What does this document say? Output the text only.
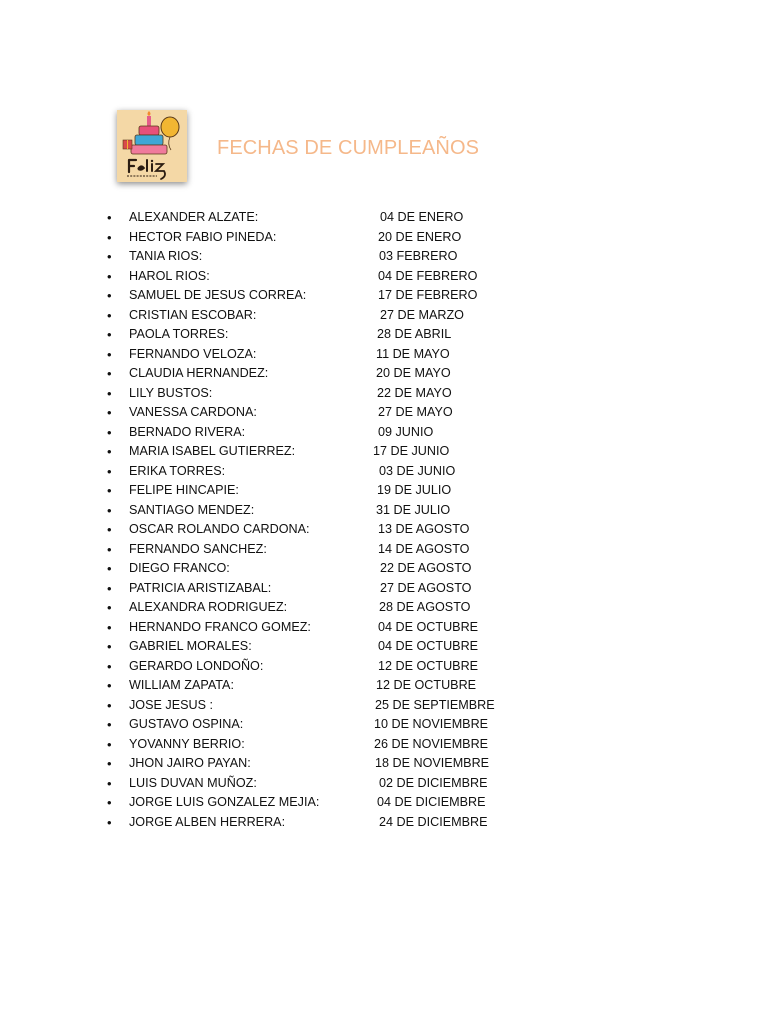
FECHAS DE CUMPLEAÑOS
• ALEXANDER ALZATE:	04 DE ENERO
• HECTOR FABIO PINEDA:	20 DE ENERO
• TANIA RIOS:	03 FEBRERO
• HAROL RIOS:	04 DE FEBRERO
• SAMUEL DE JESUS CORREA:	17 DE FEBRERO
• CRISTIAN ESCOBAR:	27 DE MARZO
• PAOLA TORRES:	28 DE ABRIL
• FERNANDO VELOZA:	11 DE MAYO
• CLAUDIA HERNANDEZ:	20 DE MAYO
• LILY BUSTOS:	22 DE MAYO
• VANESSA CARDONA:	27 DE MAYO
• BERNADO RIVERA:	09 JUNIO
• MARIA ISABEL GUTIERREZ:	17 DE JUNIO
• ERIKA TORRES:	03 DE JUNIO
• FELIPE HINCAPIE:	19 DE JULIO
• SANTIAGO MENDEZ:	31 DE JULIO
• OSCAR ROLANDO CARDONA:	13 DE AGOSTO
• FERNANDO SANCHEZ:	14 DE AGOSTO
• DIEGO FRANCO:	22 DE AGOSTO
• PATRICIA ARISTIZABAL:	27 DE AGOSTO
• ALEXANDRA RODRIGUEZ:	28 DE AGOSTO
• HERNANDO FRANCO GOMEZ:	04 DE OCTUBRE
• GABRIEL MORALES:	04 DE OCTUBRE
• GERARDO LONDOÑO:	12 DE OCTUBRE
• WILLIAM ZAPATA:	12 DE OCTUBRE
• JOSE JESUS :	25 DE SEPTIEMBRE
• GUSTAVO OSPINA:	10 DE NOVIEMBRE
• YOVANNY BERRIO:	26 DE NOVIEMBRE
• JHON JAIRO PAYAN:	18 DE NOVIEMBRE
• LUIS DUVAN MUÑOZ:	02 DE DICIEMBRE
• JORGE LUIS GONZALEZ MEJIA:	04 DE DICIEMBRE
• JORGE ALBEN HERRERA:	24 DE DICIEMBRE
